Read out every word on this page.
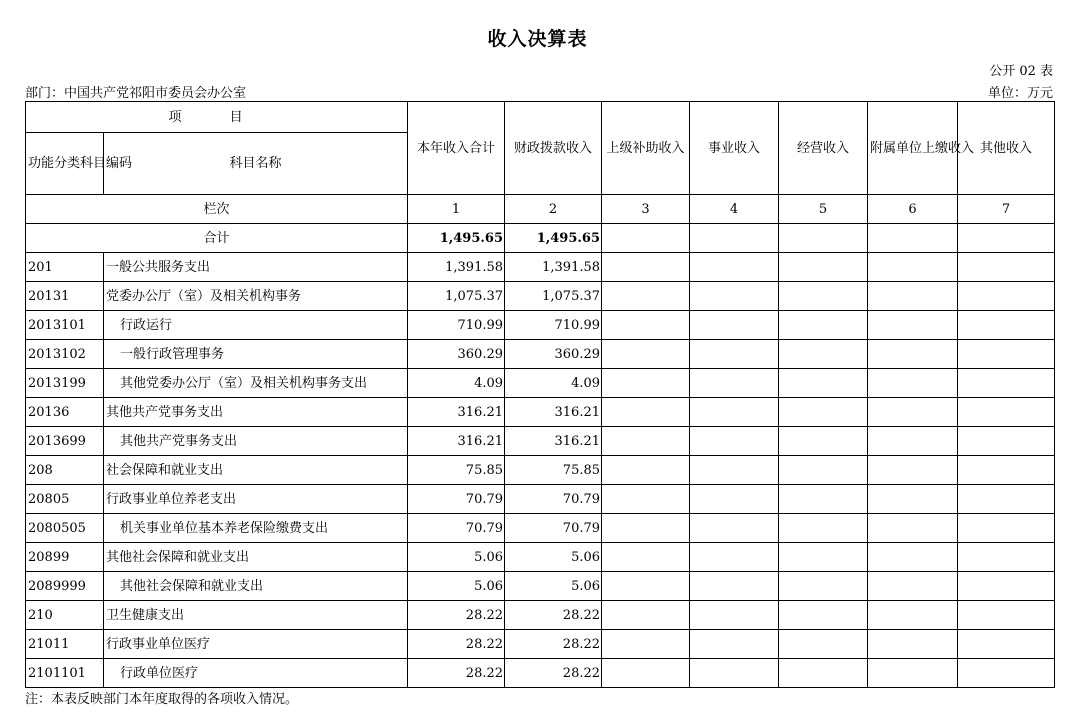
收入决算表
公开 02 表
部门：中国共产党祁阳市委员会办公室	单位：万元
项 目		本年收入合计	财政拨款收入	上级补助收入	事业收入	经营收入	附属单位上缴收入	其他收入
功能分类科目编码	科目名称							
栏次		1	2	3	4	5	6	7
合计		1,495.65	1,495.65					
201	一般公共服务支出	1,391.58	1,391.58					
20131	党委办公厅（室）及相关机构事务	1,075.37	1,075.37					
2013101	行政运行	710.99	710.99					
2013102	一般行政管理事务	360.29	360.29					
2013199	其他党委办公厅（室）及相关机构事务支出	4.09	4.09					
20136	其他共产党事务支出	316.21	316.21					
2013699	其他共产党事务支出	316.21	316.21					
208	社会保障和就业支出	75.85	75.85					
20805	行政事业单位养老支出	70.79	70.79					
2080505	机关事业单位基本养老保险缴费支出	70.79	70.79					
20899	其他社会保障和就业支出	5.06	5.06					
2089999	其他社会保障和就业支出	5.06	5.06					
210	卫生健康支出	28.22	28.22					
21011	行政事业单位医疗	28.22	28.22					
2101101	行政单位医疗	28.22	28.22					
注：本表反映部门本年度取得的各项收入情况。
